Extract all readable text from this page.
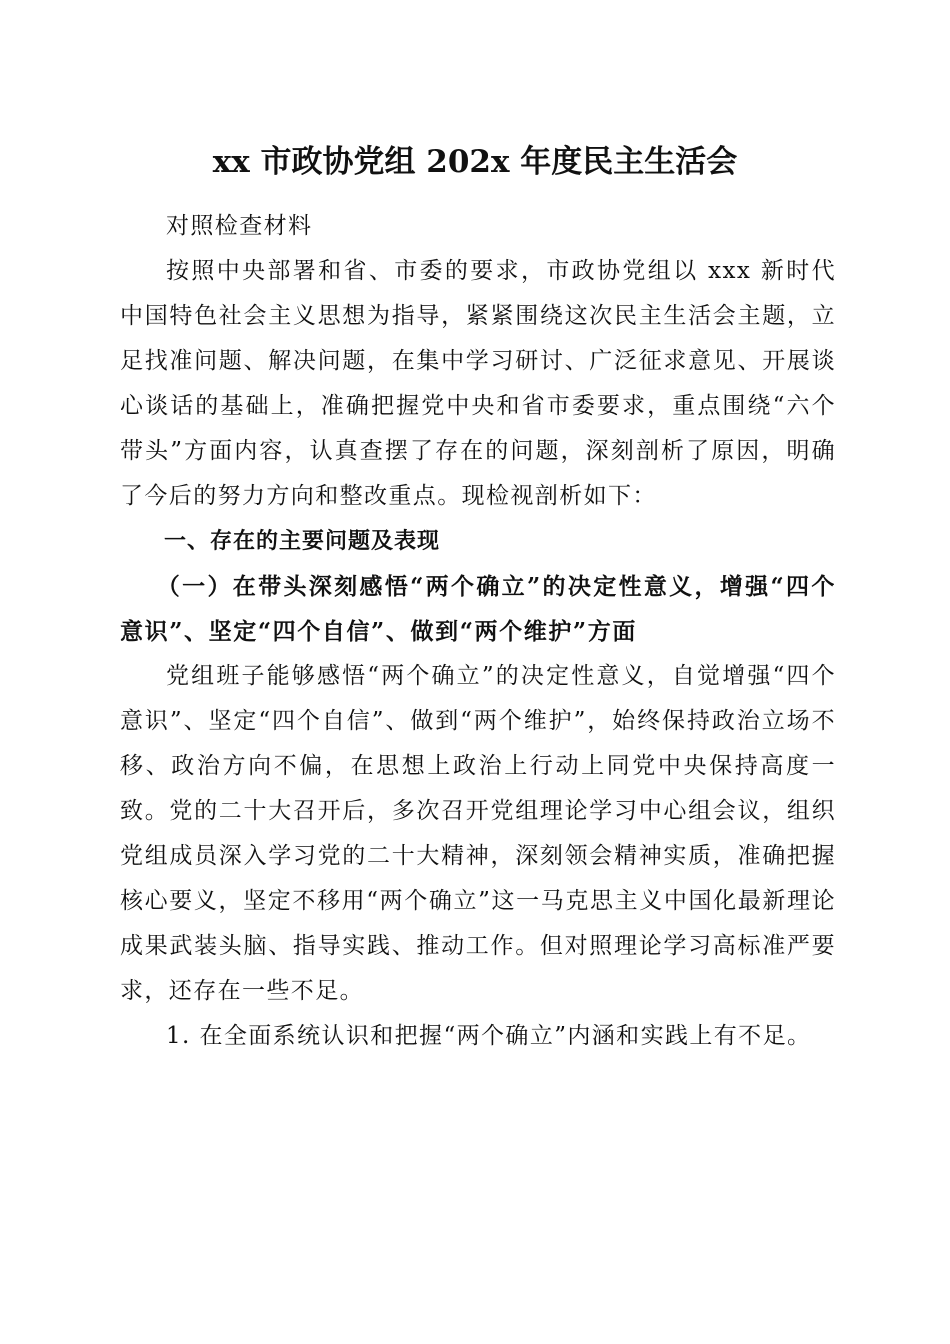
xx 市政协党组 202x 年度民主生活会

对照检查材料

按照中央部署和省、市委的要求，市政协党组以 xxx 新时代中国特色社会主义思想为指导，紧紧围绕这次民主生活会主题，立足找准问题、解决问题，在集中学习研讨、广泛征求意见、开展谈心谈话的基础上，准确把握党中央和省市委要求，重点围绕“六个带头”方面内容，认真查摆了存在的问题，深刻剖析了原因，明确了今后的努力方向和整改重点。现检视剖析如下：

一、存在的主要问题及表现

（一）在带头深刻感悟“两个确立”的决定性意义，增强“四个意识”、坚定“四个自信”、做到“两个维护”方面

党组班子能够感悟“两个确立”的决定性意义，自觉增强“四个意识”、坚定“四个自信”、做到“两个维护”，始终保持政治立场不移、政治方向不偏，在思想上政治上行动上同党中央保持高度一致。党的二十大召开后，多次召开党组理论学习中心组会议，组织党组成员深入学习党的二十大精神，深刻领会精神实质，准确把握核心要义，坚定不移用“两个确立”这一马克思主义中国化最新理论成果武装头脑、指导实践、推动工作。但对照理论学习高标准严要求，还存在一些不足。

1. 在全面系统认识和把握“两个确立”内涵和实践上有不足。
